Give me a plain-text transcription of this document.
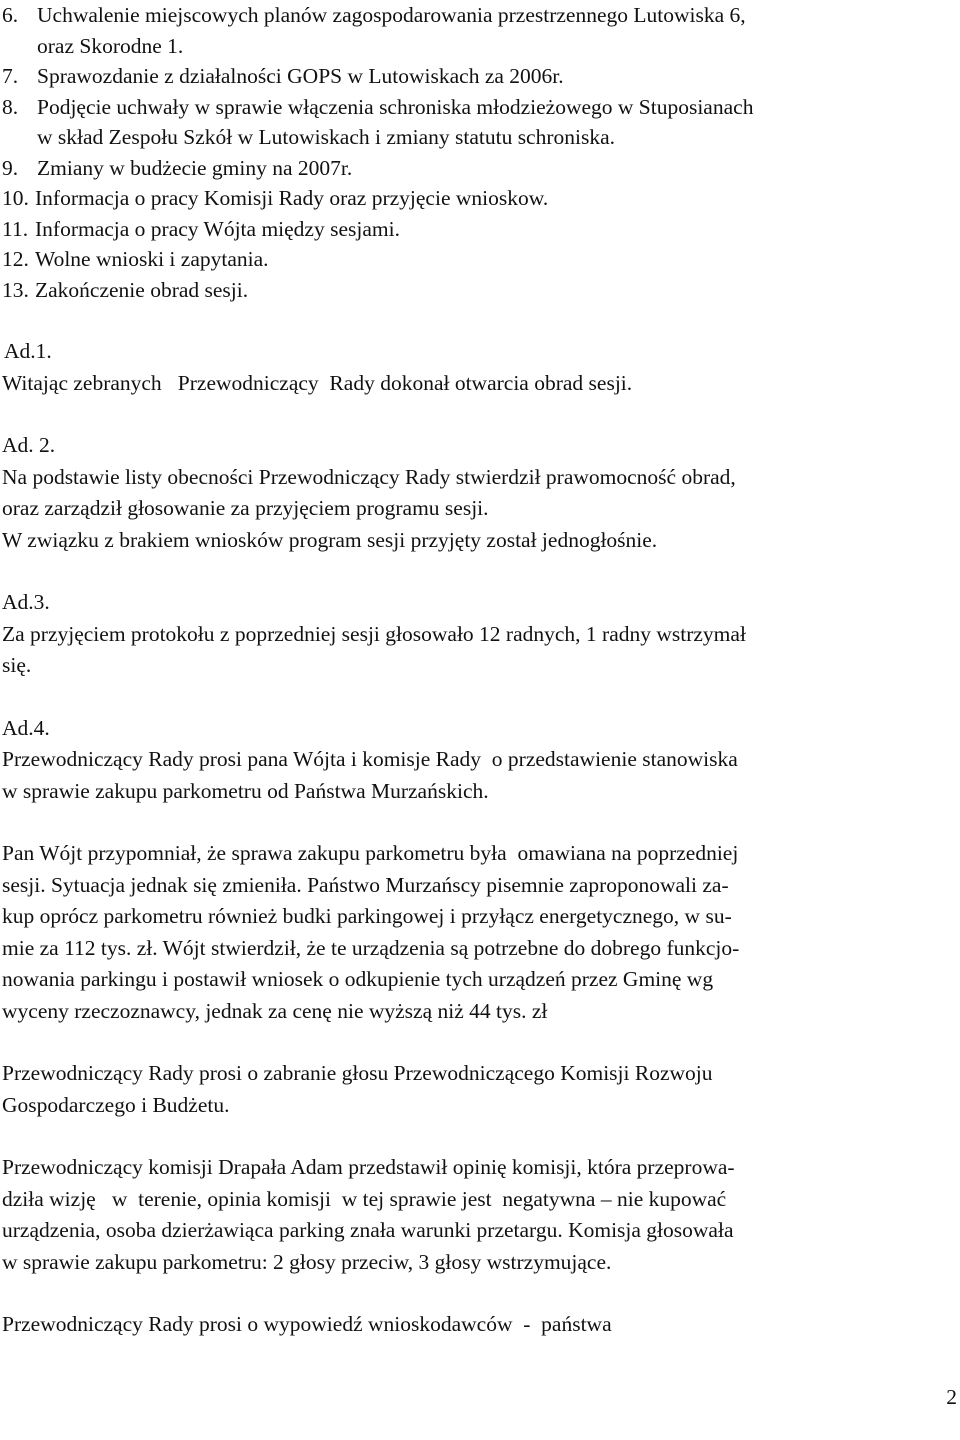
6. Uchwalenie miejscowych planów zagospodarowania przestrzennego Lutowiska 6,
oraz Skorodne 1.
7. Sprawozdanie z działalności GOPS w Lutowiskach za 2006r.
8. Podjęcie uchwały w sprawie włączenia schroniska młodzieżowego w Stuposianach
w skład Zespołu Szkół w Lutowiskach i zmiany statutu schroniska.
9. Zmiany w budżecie gminy na 2007r.
10. Informacja o pracy Komisji Rady oraz przyjęcie wnioskow.
11. Informacja o pracy Wójta między sesjami.
12. Wolne wnioski i zapytania.
13. Zakończenie obrad sesji.
Ad.1.

Witając zebranych   Przewodniczący  Rady dokonał otwarcia obrad sesji.

Ad. 2.

Na podstawie listy obecności Przewodniczący Rady stwierdził prawomocność obrad,

oraz zarządził głosowanie za przyjęciem programu sesji.

W związku z brakiem wniosków program sesji przyjęty został jednogłośnie.

Ad.3.

Za przyjęciem protokołu z poprzedniej sesji głosowało 12 radnych, 1 radny wstrzymał

się.

Ad.4.

Przewodniczący Rady prosi pana Wójta i komisje Rady  o przedstawienie stanowiska

w sprawie zakupu parkometru od Państwa Murzańskich.

Pan Wójt przypomniał, że sprawa zakupu parkometru była  omawiana na poprzedniej

sesji. Sytuacja jednak się zmieniła. Państwo Murzańscy pisemnie zaproponowali za-

kup oprócz parkometru również budki parkingowej i przyłącz energetycznego, w su-

mie za 112 tys. zł. Wójt stwierdził, że te urządzenia są potrzebne do dobrego funkcjo-

nowania parkingu i postawił wniosek o odkupienie tych urządzeń przez Gminę wg

wyceny rzeczoznawcy, jednak za cenę nie wyższą niż 44 tys. zł

Przewodniczący Rady prosi o zabranie głosu Przewodniczącego Komisji Rozwoju

Gospodarczego i Budżetu.

Przewodniczący komisji Drapała Adam przedstawił opinię komisji, która przeprowa-

dziła wizję   w  terenie, opinia komisji  w tej sprawie jest  negatywna – nie kupować

urządzenia, osoba dzierżawiąca parking znała warunki przetargu. Komisja głosowała

w sprawie zakupu parkometru: 2 głosy przeciw, 3 głosy wstrzymujące.

Przewodniczący Rady prosi o wypowiedź wnioskodawców  -  państwa

2
